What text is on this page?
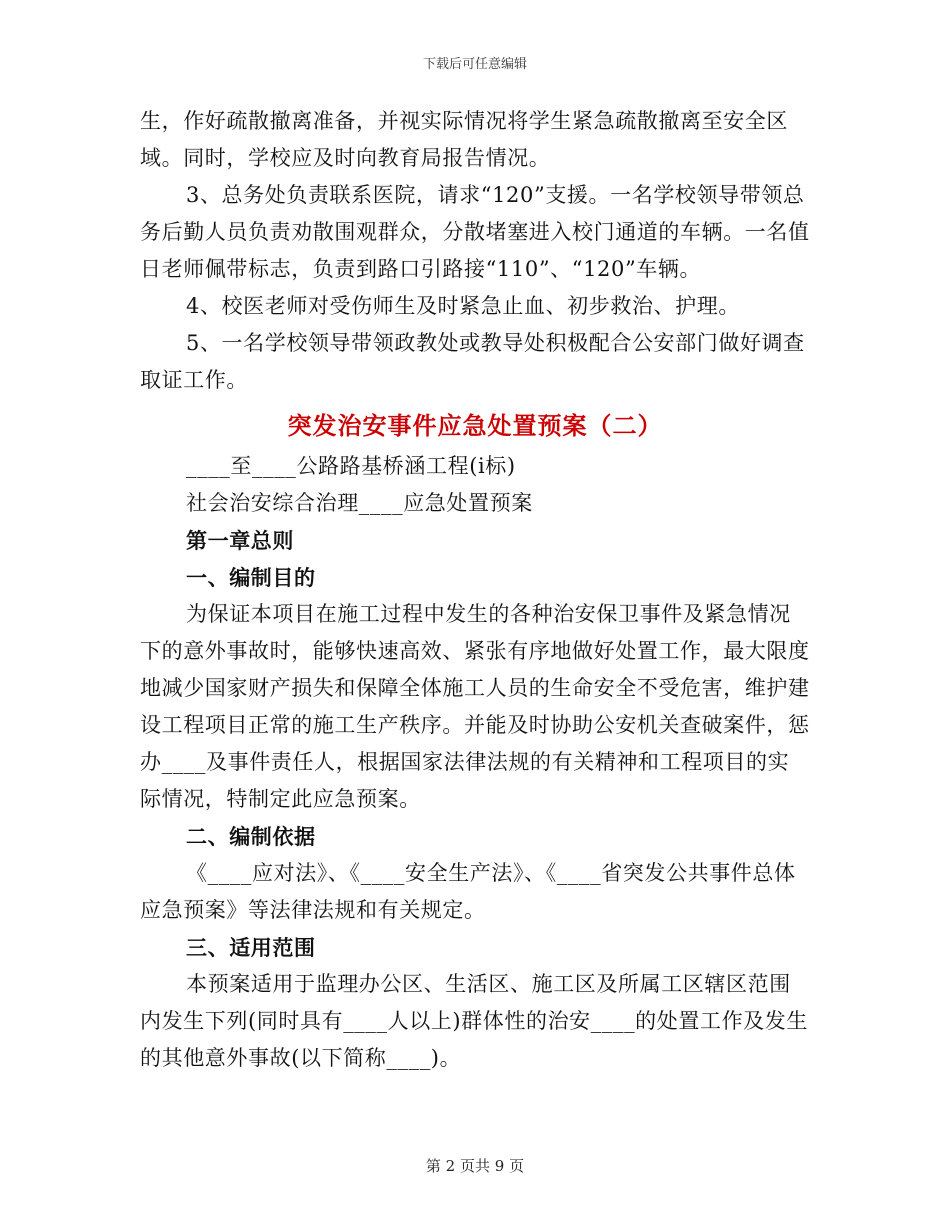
下载后可任意编辑

生，作好疏散撤离准备，并视实际情况将学生紧急疏散撤离至安全区域。同时，学校应及时向教育局报告情况。

3、总务处负责联系医院，请求“120”支援。一名学校领导带领总务后勤人员负责劝散围观群众，分散堵塞进入校门通道的车辆。一名值日老师佩带标志，负责到路口引路接“110”、“120”车辆。

4、校医老师对受伤师生及时紧急止血、初步救治、护理。

5、一名学校领导带领政教处或教导处积极配合公安部门做好调查取证工作。

突发治安事件应急处置预案（二）

____至____公路路基桥涵工程(i标)

社会治安综合治理____应急处置预案

第一章总则

一、编制目的

为保证本项目在施工过程中发生的各种治安保卫事件及紧急情况下的意外事故时，能够快速高效、紧张有序地做好处置工作，最大限度地减少国家财产损失和保障全体施工人员的生命安全不受危害，维护建设工程项目正常的施工生产秩序。并能及时协助公安机关查破案件，惩办____及事件责任人，根据国家法律法规的有关精神和工程项目的实际情况，特制定此应急预案。

二、编制依据

《____应对法》、《____安全生产法》、《____省突发公共事件总体应急预案》等法律法规和有关规定。

三、适用范围

本预案适用于监理办公区、生活区、施工区及所属工区辖区范围内发生下列(同时具有____人以上)群体性的治安____的处置工作及发生的其他意外事故(以下简称____)。

第 2 页共 9 页
